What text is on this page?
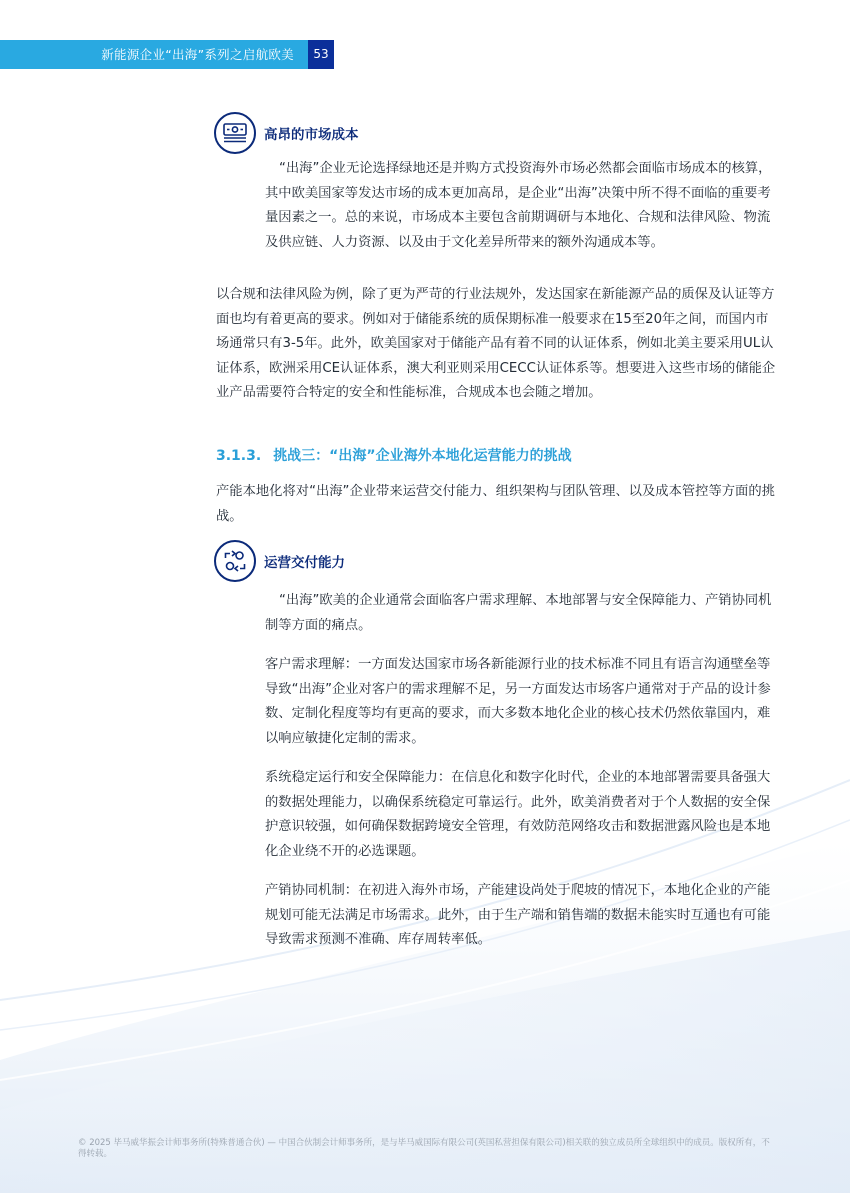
新能源企业“出海”系列之启航欧美	53
高昂的市场成本

“出海”企业无论选择绿地还是并购方式投资海外市场必然都会面临市场成本的核算，其中欧美国家等发达市场的成本更加高昂，是企业“出海”决策中所不得不面临的重要考量因素之一。总的来说，市场成本主要包含前期调研与本地化、合规和法律风险、物流及供应链、人力资源、以及由于文化差异所带来的额外沟通成本等。

以合规和法律风险为例，除了更为严苛的行业法规外，发达国家在新能源产品的质保及认证等方面也均有着更高的要求。例如对于储能系统的质保期标准一般要求在15至20年之间，而国内市场通常只有3-5年。此外，欧美国家对于储能产品有着不同的认证体系，例如北美主要采用UL认证体系，欧洲采用CE认证体系，澳大利亚则采用CECC认证体系等。想要进入这些市场的储能企业产品需要符合特定的安全和性能标准，合规成本也会随之增加。

3.1.3. 挑战三：“出海”企业海外本地化运营能力的挑战

产能本地化将对“出海”企业带来运营交付能力、组织架构与团队管理、以及成本管控等方面的挑战。

运营交付能力

“出海”欧美的企业通常会面临客户需求理解、本地部署与安全保障能力、产销协同机制等方面的痛点。

客户需求理解：一方面发达国家市场各新能源行业的技术标准不同且有语言沟通壁垒等导致“出海”企业对客户的需求理解不足，另一方面发达市场客户通常对于产品的设计参数、定制化程度等均有更高的要求，而大多数本地化企业的核心技术仍然依靠国内，难以响应敏捷化定制的需求。

系统稳定运行和安全保障能力：在信息化和数字化时代，企业的本地部署需要具备强大的数据处理能力，以确保系统稳定可靠运行。此外，欧美消费者对于个人数据的安全保护意识较强，如何确保数据跨境安全管理，有效防范网络攻击和数据泄露风险也是本地化企业绕不开的必选课题。

产销协同机制：在初进入海外市场，产能建设尚处于爬坡的情况下，本地化企业的产能规划可能无法满足市场需求。此外，由于生产端和销售端的数据未能实时互通也有可能导致需求预测不准确、库存周转率低。

© 2025 毕马威华振会计师事务所(特殊普通合伙) — 中国合伙制会计师事务所，是与毕马威国际有限公司(英国私营担保有限公司)相关联的独立成员所全球组织中的成员。版权所有，不得转载。
